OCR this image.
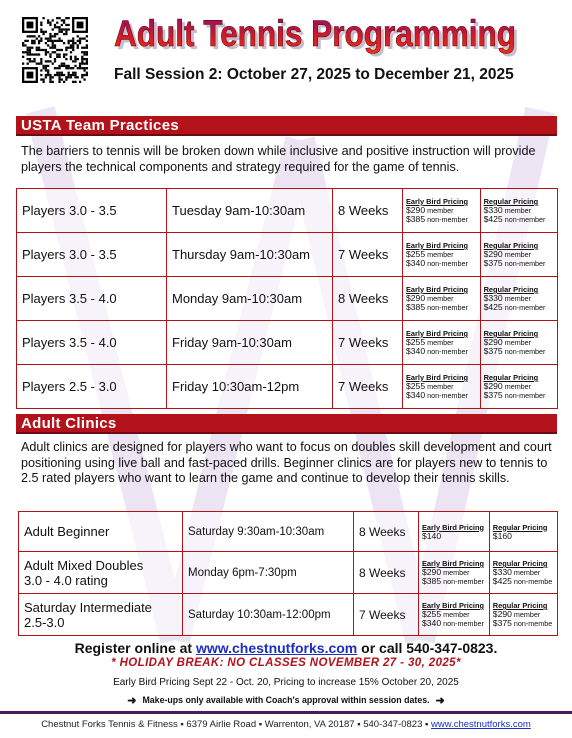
Adult Tennis Programming
Adult Tennis Programming
Fall Session 2: October 27, 2025 to December 21, 2025
USTA Team Practices
The barriers to tennis will be broken down while inclusive and positive instruction will provide players the technical components and strategy required for the game of tennis.
Players 3.0 - 3.5	Tuesday 9am-10:30am	8 Weeks	Early Bird Pricing
$290 member
$385 non-member	Regular Pricing
$330 member
$425 non-member

Players 3.0 - 3.5	Thursday 9am-10:30am	7 Weeks	Early Bird Pricing
$255 member
$340 non-member	Regular Pricing
$290 member
$375 non-member

Players 3.5 - 4.0	Monday 9am-10:30am	8 Weeks	Early Bird Pricing
$290 member
$385 non-member	Regular Pricing
$330 member
$425 non-member

Players 3.5 - 4.0	Friday 9am-10:30am	7 Weeks	Early Bird Pricing
$255 member
$340 non-member	Regular Pricing
$290 member
$375 non-member

Players 2.5 - 3.0	Friday 10:30am-12pm	7 Weeks	Early Bird Pricing
$255 member
$340 non-member	Regular Pricing
$290 member
$375 non-member
Adult Clinics
Adult clinics are designed for players who want to focus on doubles skill development and court positioning using live ball and fast-paced drills. Beginner clinics are for players new to tennis to 2.5 rated players who want to learn the game and continue to develop their tennis skills.
Adult Beginner	Saturday 9:30am-10:30am	8 Weeks	Early Bird Pricing
$140	Regular Pricing
$160

Adult Mixed Doubles
3.0 - 4.0 rating	Monday 6pm-7:30pm	8 Weeks	Early Bird Pricing
$290 member
$385 non-member	Regular Pricing
$330 member
$425 non-membe

Saturday Intermediate
2.5-3.0	Saturday 10:30am-12:00pm	7 Weeks	Early Bird Pricing
$255 member
$340 non-member	Regular Pricing
$290 member
$375 non-membe
Register online at www.chestnutforks.com or call 540-347-0823.
* HOLIDAY BREAK: NO CLASSES NOVEMBER 27 - 30, 2025*
Early Bird Pricing Sept 22 - Oct. 20, Pricing to increase 15% October 20, 2025
➜ Make-ups only available with Coach's approval within session dates. ➜
Chestnut Forks Tennis & Fitness ▪ 6379 Airlie Road ▪ Warrenton, VA 20187 ▪ 540-347-0823 ▪ www.chestnutforks.com
